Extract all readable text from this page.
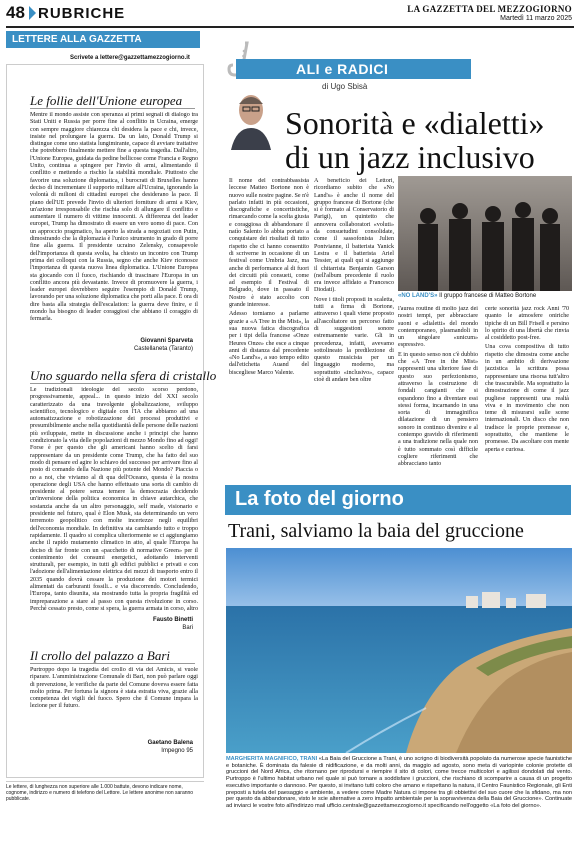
48 RUBRICHE	LA GAZZETTA DEL MEZZOGIORNO
Martedì 11 marzo 2025
LETTERE ALLA GAZZETTA
Scrivete a lettere@gazzettamezzogiorno.it
Le follie dell'Unione europea
Mentre il mondo assiste con speranza ai primi segnali di dialogo tra Stati Uniti e Russia per porre fine al conflitto in Ucraina, emerge con sempre maggiore chiarezza chi desidera la pace e chi, invece, insiste nel prolungare la guerra. Da un lato, Donald Trump si distingue come uno statista lungimirante, capace di avviare trattative che potrebbero finalmente mettere fine a questa tragedia. Dall'altro, l'Unione Europea, guidata da pedine bellicose come Francia e Regno Unito, continua a spingere per l'invio di armi, alimentando il conflitto e mettendo a rischio la stabilità mondiale. Piuttosto che favorire una soluzione diplomatica, i burocrati di Bruxelles hanno deciso di incrementare il supporto militare all'Ucraina, ignorando la volontà di milioni di cittadini europei che desiderano la pace. Il piano dell'UE prevede l'invio di ulteriori forniture di armi a Kiev, un'azione irresponsabile che rischia solo di allungare il conflitto e aumentare il numero di vittime innocenti. A differenza dei leader europei, Trump ha dimostrato di essere un vero uomo di pace. Con un approccio pragmatico, ha aperto la strada a negoziati con Putin, dimostrando che la diplomazia è l'unico strumento in grado di porre fine alla guerra. Il presidente ucraino Zelensky, consapevole dell'importanza di questa svolta, ha chiesto un incontro con Trump prima dei colloqui con la Russia, segno che anche Kiev riconosce l'importanza di questa nuova linea diplomatica. L'Unione Europea sta giocando con il fuoco, rischiando di trascinare l'Europa in un conflitto ancora più devastante. Invece di promuovere la guerra, i leader europei dovrebbero seguire l'esempio di Donald Trump, lavorando per una soluzione diplomatica che porti alla pace. È ora di dire basta alla strategia dell'escalation: la guerra deve finire, e il mondo ha bisogno di leader coraggiosi che abbiano il coraggio di fermarla.
Giovanni Sparveta
Castellaneta (Taranto)
Uno sguardo nella sfera di cristallo
Le tradizionali ideologie del secolo scorso perdono, progressivamente, appeal... in questo inizio del XXI secolo caratterizzato da una travolgente globalizzazione, sviluppo scientifico, tecnologico e digitale con l'IA che abbiamo ad una automatizzazione e robotizzazione dei processi produttivi e presumibilmente anche nella quotidianità delle persone delle nazioni più sviluppate, mette in discussione anche i principi che hanno condizionato la vita delle popolazioni di mezzo Mondo fino ad oggi! Forse è per questo che gli americani hanno scelto di farsi rappresentare da un presidente come Trump, che ha fatto del suo modo di pensare ed agire lo schiavo del successo per arrivare fino al posto di comando della Nazione più potente del Mondo? Piaccia o no a noi, che viviamo al di qua dell'Oceano, questa è la nostra operazione degli USA che hanno effettuato una sorta di cambio di presidente al potere senza temere la democrazia decidendo un'inversione della politica economica in chiave autarchica, che sostanzia anche da un altro personaggio, self made, visionario e presidente nel futuro, qual è Elon Musk, sta determinando un vero terremoto geopolitico con molte incertezze negli equilibri dell'economia mondiale. In definitiva sta cambiando tutto e troppo rapidamente. Il quadro si complica ulteriormente se ci aggiungiamo anche il rapido mutamento climatico in atto, al quale l'Europa ha deciso di far fronte con un «pacchetto di normative Green» per il contenimento dei consumi energetici, adottando interventi strutturali, per esempio, in tutti gli edifici pubblici e privati e con l'adozione dell'alimentazione elettrica dei mezzi di trasporto entro il 2035 quando dovrà cessare la produzione dei motori termici alimentati da carburanti fossili... e via discorrendo. Concludendo, l'Europa, tanto disunita, sta mostrando tutta la propria fragilità ed impreparazione a stare al passo con questa rivoluzione in corso. Perché cessato presto, come si spera, la guerra armata in corso, altro
Fausto Binetti
Bari
Il crollo del palazzo a Bari
Purtroppo dopo la tragedia del crollo di via del Amicis, si vuole riparare. L'amministrazione Comunale di Bari, non può parlare oggi di prevenzione, le verifiche da parte del Comune doveva essere fatta molto prima. Per fortuna la signora è stata estratta viva, grazie alla competenza dei vigili del fuoco. Spero che il Comune impara la lezione per il futuro.
Gaetano Balena
Impegno 95
Le lettere, di lunghezza non superiore alle 1.000 battute, devono indicare nome, cognome, indirizzo e numero di telefono del Lettore. Le lettere anonime non saranno pubblicate.
ALI e RADICI
di Ugo Sbisà
Sonorità e «dialetti» di un jazz inclusivo

Il nome del contrabbassista leccese Matteo Bortone non è nuovo sulle nostre pagine. Se n'è parlato infatti in più occasioni, discografiche e concertistiche, rimarcando come la scelta giusta e coraggiosa di abbandonare il natìo Salento lo abbia portato a conquistare dei risultati di tutto rispetto che ci hanno consentito di scriverne in occasione di un festival come Umbria Jazz, ma anche di performance al di fuori dei circuiti più consueti, come ad esempio il Festival di Belgrado, dove in passato il Nostro è stato accolto con grande interesse.

Adesso torniamo a parlarne grazie a «A Tree in the Mist», la sua nuova fatica discografica per i tipi della francese «Onze Heures Onze» che esce a cinque anni di distanza dal precedente «No Land's», a suo tempo edito dall'etichetta Auand del biscegliese Marco Valente.

A beneficio dei Lettori, ricordiamo subito che «No Land's» è anche il nome del gruppo francese di Bortone (che si è formato al Conservatorio di Parigi), un quintetto che annovera collaboratori «voluti» da consuetudini consolidate, come il sassofonista Julien Pontvianne, il batterista Yanick Lestra e il batterista Ariel Tessier, ai quali qui si aggiunge il chitarrista Benjamin Garson (nell'album precedente il ruolo era invece affidato a Francesco Diodati).

Nove i titoli proposti in scaletta, tutti a firma di Bortone, attraverso i quali viene proposto all'ascoltatore un percorso fatto di suggestioni sonore estremamente varie. Gli in precedenza, infatti, avevamo sottolineato la predilezione di questo musicista per un linguaggio moderno, ma soprattutto «inclusivo», capace cioè di andare ben oltre

«NO LAND'S» Il gruppo francese di Matteo Bortone

l'aurea routine di molto jazz dei nostri tempi, per abbracciare suoni e «dialetti» del mondo contemporaneo, plasmandoli in un singolare «unicum» espressivo.

E in questo senso non c'è dubbio che «A Tree in the Mist» rappresenti una ulteriore fase di questo suo perfezionismo, attraverso la costruzione di fondali cangianti che si espandono fino a diventare essi stessi forma, incarnando in una sorta di immaginifica dilatazione di un pensiero sonoro in continuo divenire e al contempo gravido di riferimenti a una tradizione nella quale non è tutto sommato così difficile cogliere riferimenti che abbracciano tanto

certe sonorità jazz rock Anni '70 quanto le atmosfere oniriche tipiche di un Bill Frisell e persino lo spirito di una libertà che rinvia al cosiddetto post-free.

Una cova compositiva di tutto rispetto che dimostra come anche in un ambito di derivazione jazzistica la scrittura possa rappresentare una risorsa tutt'altro che trascurabile. Ma soprattutto la dimostrazione di come il jazz pugliese rappresenti una realtà viva e in movimento che non teme di misurarsi sulle scene internazionali. Un disco che non tradisce le proprie premesse e, soprattutto, che mantiene le promesse. Da ascoltare con mente aperta e curiosa.

La foto del giorno
Trani, salviamo la baia del gruccione
MARGHERITA MAGNIFICO, TRANI «La Baia del Gruccione a Trani, è uno scrigno di biodiversità popolato da numerose specie faunistiche e botaniche. È dominata da falesie di nidificazione, e da molti anni, da maggio ad agosto, sono meta di variopinte colonie protette di gruccioni del Nord Africa, che ritornano per riprodursi e riempire il sito di colori, come trecce multicolori e agilissi dondolati dal vento. Purtroppo è l'ultimo habitat urbano nel quale si può tornare a soddisfare i gruccioni, che rischiano di scomparire a causa di un progetto esecutivo importante o dannoso. Per questo, si invitano tutti coloro che amano e rispettano la natura, il Centro Faunistico Regionale, gli Enti preposti a tutela del paesaggio e ambiente, a vedere come Madre Natura ci impone tra gli obbiettivi del suo cuore che la sfidano, ma non per questo da abbandonare, visto le scie alternative a zero impatto ambientale per la sopravvivenza della Baia del Gruccione». Continuate ad inviarci le vostre foto all'indirizzo mail ufficio.centrale@gazzettamezzogiorno.it specificando nell'oggetto «La foto del giorno».
